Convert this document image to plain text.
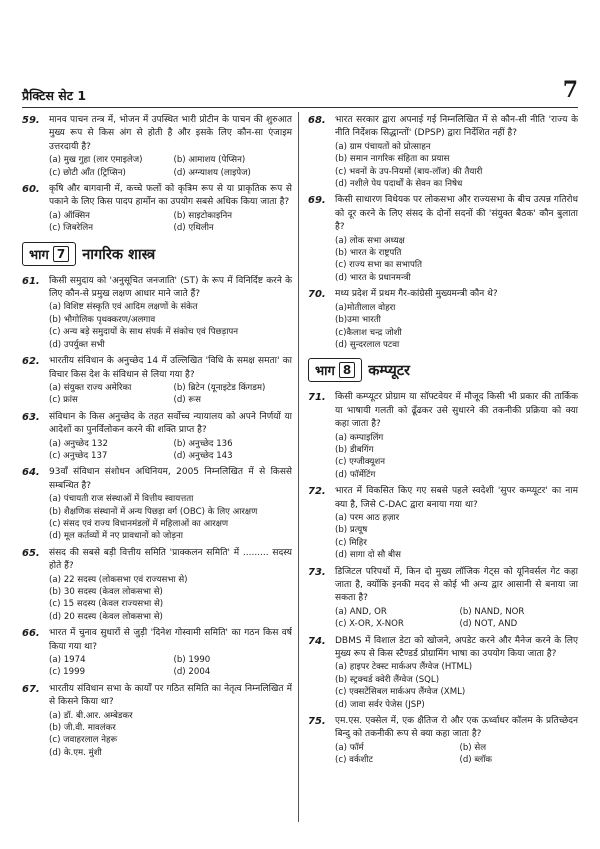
प्रैक्टिस सेट 1	7
59.	मानव पाचन तन्त्र में, भोजन में उपस्थित भारी प्रोटीन के पाचन की शुरुआत मुख्य रूप से किस अंग से होती है और इसके लिए कौन-सा एंजाइम उत्तरदायी है?
(a) मुख गुहा (लार एमाइलेज)	(b) आमाशय (पेप्सिन)
(c) छोटी आँत (ट्रिप्सिन)	(d) अग्न्याशय (लाइपेज)
60.	कृषि और बागवानी में, कच्चे फलों को कृत्रिम रूप से या प्राकृतिक रूप से पकाने के लिए किस पादप हार्मोन का उपयोग सबसे अधिक किया जाता है?
(a) ऑक्सिन	(b) साइटोकाइनिन
(c) जिबरेलिन	(d) एथिलीन
भाग 7 नागरिक शास्त्र
61.	किसी समुदाय को 'अनुसूचित जनजाति' (ST) के रूप में विनिर्दिष्ट करने के लिए कौन-से प्रमुख लक्षण आधार माने जाते हैं?
(a) विशिष्ट संस्कृति एवं आदिम लक्षणों के संकेत
(b) भौगोलिक पृथक्करण/अलगाव
(c) अन्य बड़े समुदायों के साथ संपर्क में संकोच एवं पिछड़ापन
(d) उपर्युक्त सभी
62.	भारतीय संविधान के अनुच्छेद 14 में उल्लिखित 'विधि के समक्ष समता' का विचार किस देश के संविधान से लिया गया है?
(a) संयुक्त राज्य अमेरिका	(b) ब्रिटेन (यूनाइटेड किंगडम)
(c) फ्रांस	(d) रूस
63.	संविधान के किस अनुच्छेद के तहत सर्वोच्च न्यायालय को अपने निर्णयों या आदेशों का पुनर्विलोकन करने की शक्ति प्राप्त है?
(a) अनुच्छेद 132	(b) अनुच्छेद 136
(c) अनुच्छेद 137	(d) अनुच्छेद 143
64.	93वाँ संविधान संशोधन अधिनियम, 2005 निम्नलिखित में से किससे सम्बन्धित है?
(a) पंचायती राज संस्थाओं में वित्तीय स्वायत्तता
(b) शैक्षणिक संस्थानों में अन्य पिछड़ा वर्ग (OBC) के लिए आरक्षण
(c) संसद एवं राज्य विधानमंडलों में महिलाओं का आरक्षण
(d) मूल कर्तव्यों में नए प्रावधानों को जोड़ना
65.	संसद की सबसे बड़ी वित्तीय समिति 'प्राक्कलन समिति' में ......... सदस्य होते हैं?
(a) 22 सदस्य (लोकसभा एवं राज्यसभा से)
(b) 30 सदस्य (केवल लोकसभा से)
(c) 15 सदस्य (केवल राज्यसभा से)
(d) 20 सदस्य (केवल लोकसभा से)
66.	भारत में चुनाव सुधारों से जुड़ी 'दिनेश गोस्वामी समिति' का गठन किस वर्ष किया गया था?
(a) 1974	(b) 1990
(c) 1999	(d) 2004
67.	भारतीय संविधान सभा के कार्यों पर गठित समिति का नेतृत्व निम्नलिखित में से किसने किया था?
(a) डॉ. बी.आर. अम्बेडकर
(b) जी.वी. मावलंकर
(c) जवाहरलाल नेहरू
(d) के.एम. मुंशी
68.	भारत सरकार द्वारा अपनाई गई निम्नलिखित में से कौन-सी नीति 'राज्य के नीति निर्देशक सिद्धान्तों' (DPSP) द्वारा निर्देशित नहीं है?
(a) ग्राम पंचायतों को प्रोत्साहन
(b) समान नागरिक संहिता का प्रयास
(c) भवनों के उप-नियमों (बाय-लॉज) की तैयारी
(d) नशीले पेय पदार्थों के सेवन का निषेध
69.	किसी साधारण विधेयक पर लोकसभा और राज्यसभा के बीच उत्पन्न गतिरोध को दूर करने के लिए संसद के दोनों सदनों की 'संयुक्त बैठक' कौन बुलाता है?
(a) लोक सभा अध्यक्ष
(b) भारत के राष्ट्रपति
(c) राज्य सभा का सभापति
(d) भारत के प्रधानमन्त्री
70.	मध्य प्रदेश में प्रथम गैर-कांग्रेसी मुख्यमन्त्री कौन थे?
(a)मोतीलाल वोहरा
(b)उमा भारती
(c)कैलाश चन्द्र जोशी
(d) सुन्दरलाल पटवा
भाग 8 कम्प्यूटर
71.	किसी कम्प्यूटर प्रोग्राम या सॉफ्टवेयर में मौजूद किसी भी प्रकार की तार्किक या भाषायी गलती को ढूँढकर उसे सुधारने की तकनीकी प्रक्रिया को क्या कहा जाता है?
(a) कम्पाइलिंग
(b) डीबगिंग
(c) एग्जीक्यूशन
(d) फॉर्मेटिंग
72.	भारत में विकसित किए गए सबसे पहले स्वदेशी 'सुपर कम्प्यूटर' का नाम क्या है, जिसे C-DAC द्वारा बनाया गया था?
(a) परम आठ हज़ार
(b) प्रत्यूष
(c) मिहिर
(d) सागा दो सौ बीस
73.	डिजिटल परिपथों में, किन दो मुख्य लॉजिक गेट्स को यूनिवर्सल गेट कहा जाता है, क्योंकि इनकी मदद से कोई भी अन्य द्वार आसानी से बनाया जा सकता है?
(a) AND, OR	(b) NAND, NOR
(c) X-OR, X-NOR	(d) NOT, AND
74.	DBMS में विशाल डेटा को खोजने, अपडेट करने और मैनेज करने के लिए मुख्य रूप से किस स्टैण्डर्ड प्रोग्रामिंग भाषा का उपयोग किया जाता है?
(a) हाइपर टेक्स्ट मार्कअप लैंग्वेज (HTML)
(b) स्ट्रक्चर्ड क्वेरी लैंग्वेज (SQL)
(c) एक्सटेंसिबल मार्कअप लैंग्वेज (XML)
(d) जावा सर्वर पेजेस (JSP)
75.	एम.एस. एक्सेल में, एक क्षैतिज रो और एक ऊर्ध्वाधर कॉलम के प्रतिच्छेदन बिन्दु को तकनीकी रूप से क्या कहा जाता है?
(a) फॉर्म	(b) सेल
(c) वर्कशीट	(d) ब्लॉक
